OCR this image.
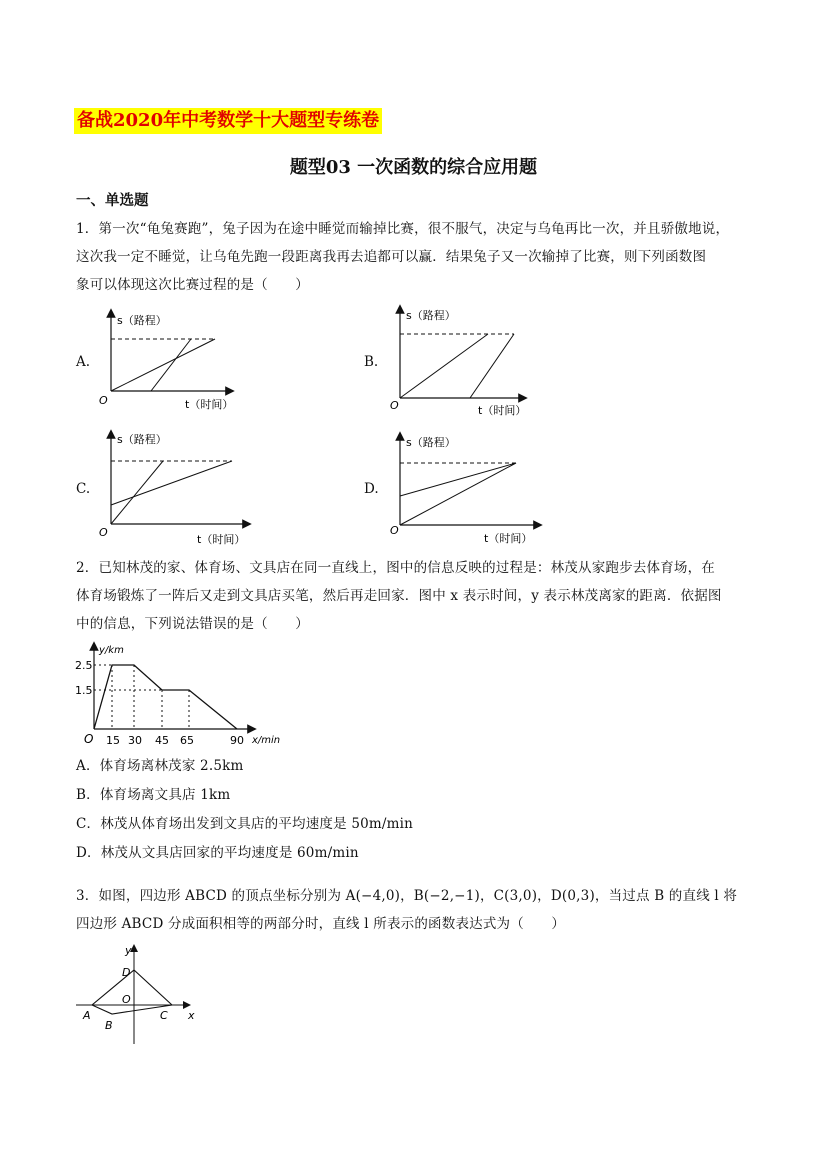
备战2020年中考数学十大题型专练卷
题型03 一次函数的综合应用题
一、单选题
1．第一次“龟兔赛跑”，兔子因为在途中睡觉而输掉比赛，很不服气，决定与乌龟再比一次，并且骄傲地说，
这次我一定不睡觉，让乌龟先跑一段距离我再去追都可以赢．结果兔子又一次输掉了比赛，则下列函数图
象可以体现这次比赛过程的是（　　）
A.
s（路程）
t（时间）
O
B.
s（路程）
t（时间）
O
C.
s（路程）
t（时间）
O
D.
s（路程）
t（时间）
O
2．已知林茂的家、体育场、文具店在同一直线上，图中的信息反映的过程是：林茂从家跑步去体育场，在
体育场锻炼了一阵后又走到文具店买笔，然后再走回家．图中 x 表示时间，y 表示林茂离家的距离．依据图
中的信息，下列说法错误的是（　　）
y/km
x/min
O
2.5
1.5
15 30 45 65	90
A．体育场离林茂家 2.5km
B．体育场离文具店 1km
C．林茂从体育场出发到文具店的平均速度是 50m/min
D．林茂从文具店回家的平均速度是 60m/min
3．如图，四边形 ABCD 的顶点坐标分别为 A(−4,0)，B(−2,−1)，C(3,0)，D(0,3)，当过点 B 的直线 l 将
四边形 ABCD 分成面积相等的两部分时，直线 l 所表示的函数表达式为（　　）
y
x
D
O
A
B
C
